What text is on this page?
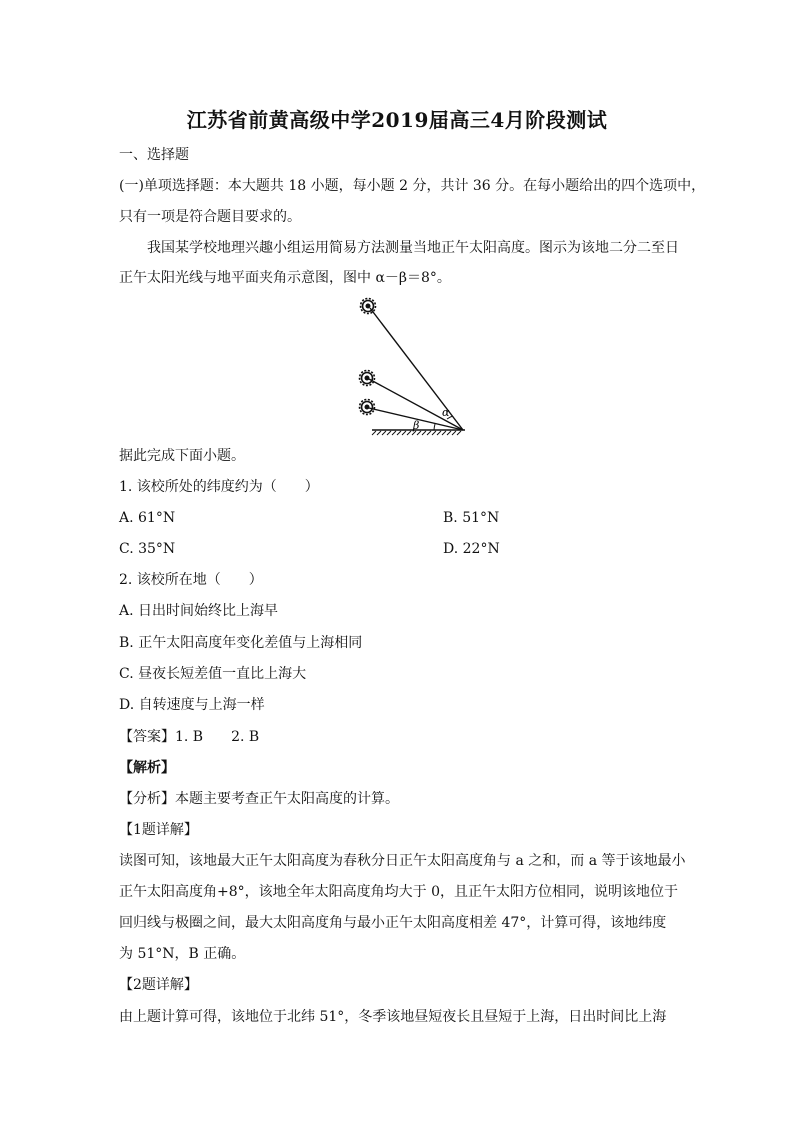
江苏省前黄高级中学2019届高三4月阶段测试
一、选择题
(一)单项选择题：本大题共 18 小题，每小题 2 分，共计 36 分。在每小题给出的四个选项中，
只有一项是符合题目要求的。
我国某学校地理兴趣小组运用简易方法测量当地正午太阳高度。图示为该地二分二至日
正午太阳光线与地平面夹角示意图，图中 α－β＝8°。
α
β
据此完成下面小题。
1. 该校所处的纬度约为（　　）
A. 61°N	B. 51°N
C. 35°N	D. 22°N
2. 该校所在地（　　）
A. 日出时间始终比上海早
B. 正午太阳高度年变化差值与上海相同
C. 昼夜长短差值一直比上海大
D. 自转速度与上海一样
【答案】1. B　　2. B
【解析】
【分析】本题主要考查正午太阳高度的计算。
【1题详解】
读图可知，该地最大正午太阳高度为春秋分日正午太阳高度角与 a 之和，而 a 等于该地最小
正午太阳高度角+8°，该地全年太阳高度角均大于 0，且正午太阳方位相同，说明该地位于
回归线与极圈之间，最大太阳高度角与最小正午太阳高度相差 47°，计算可得，该地纬度
为 51°N，B 正确。
【2题详解】
由上题计算可得，该地位于北纬 51°，冬季该地昼短夜长且昼短于上海，日出时间比上海
